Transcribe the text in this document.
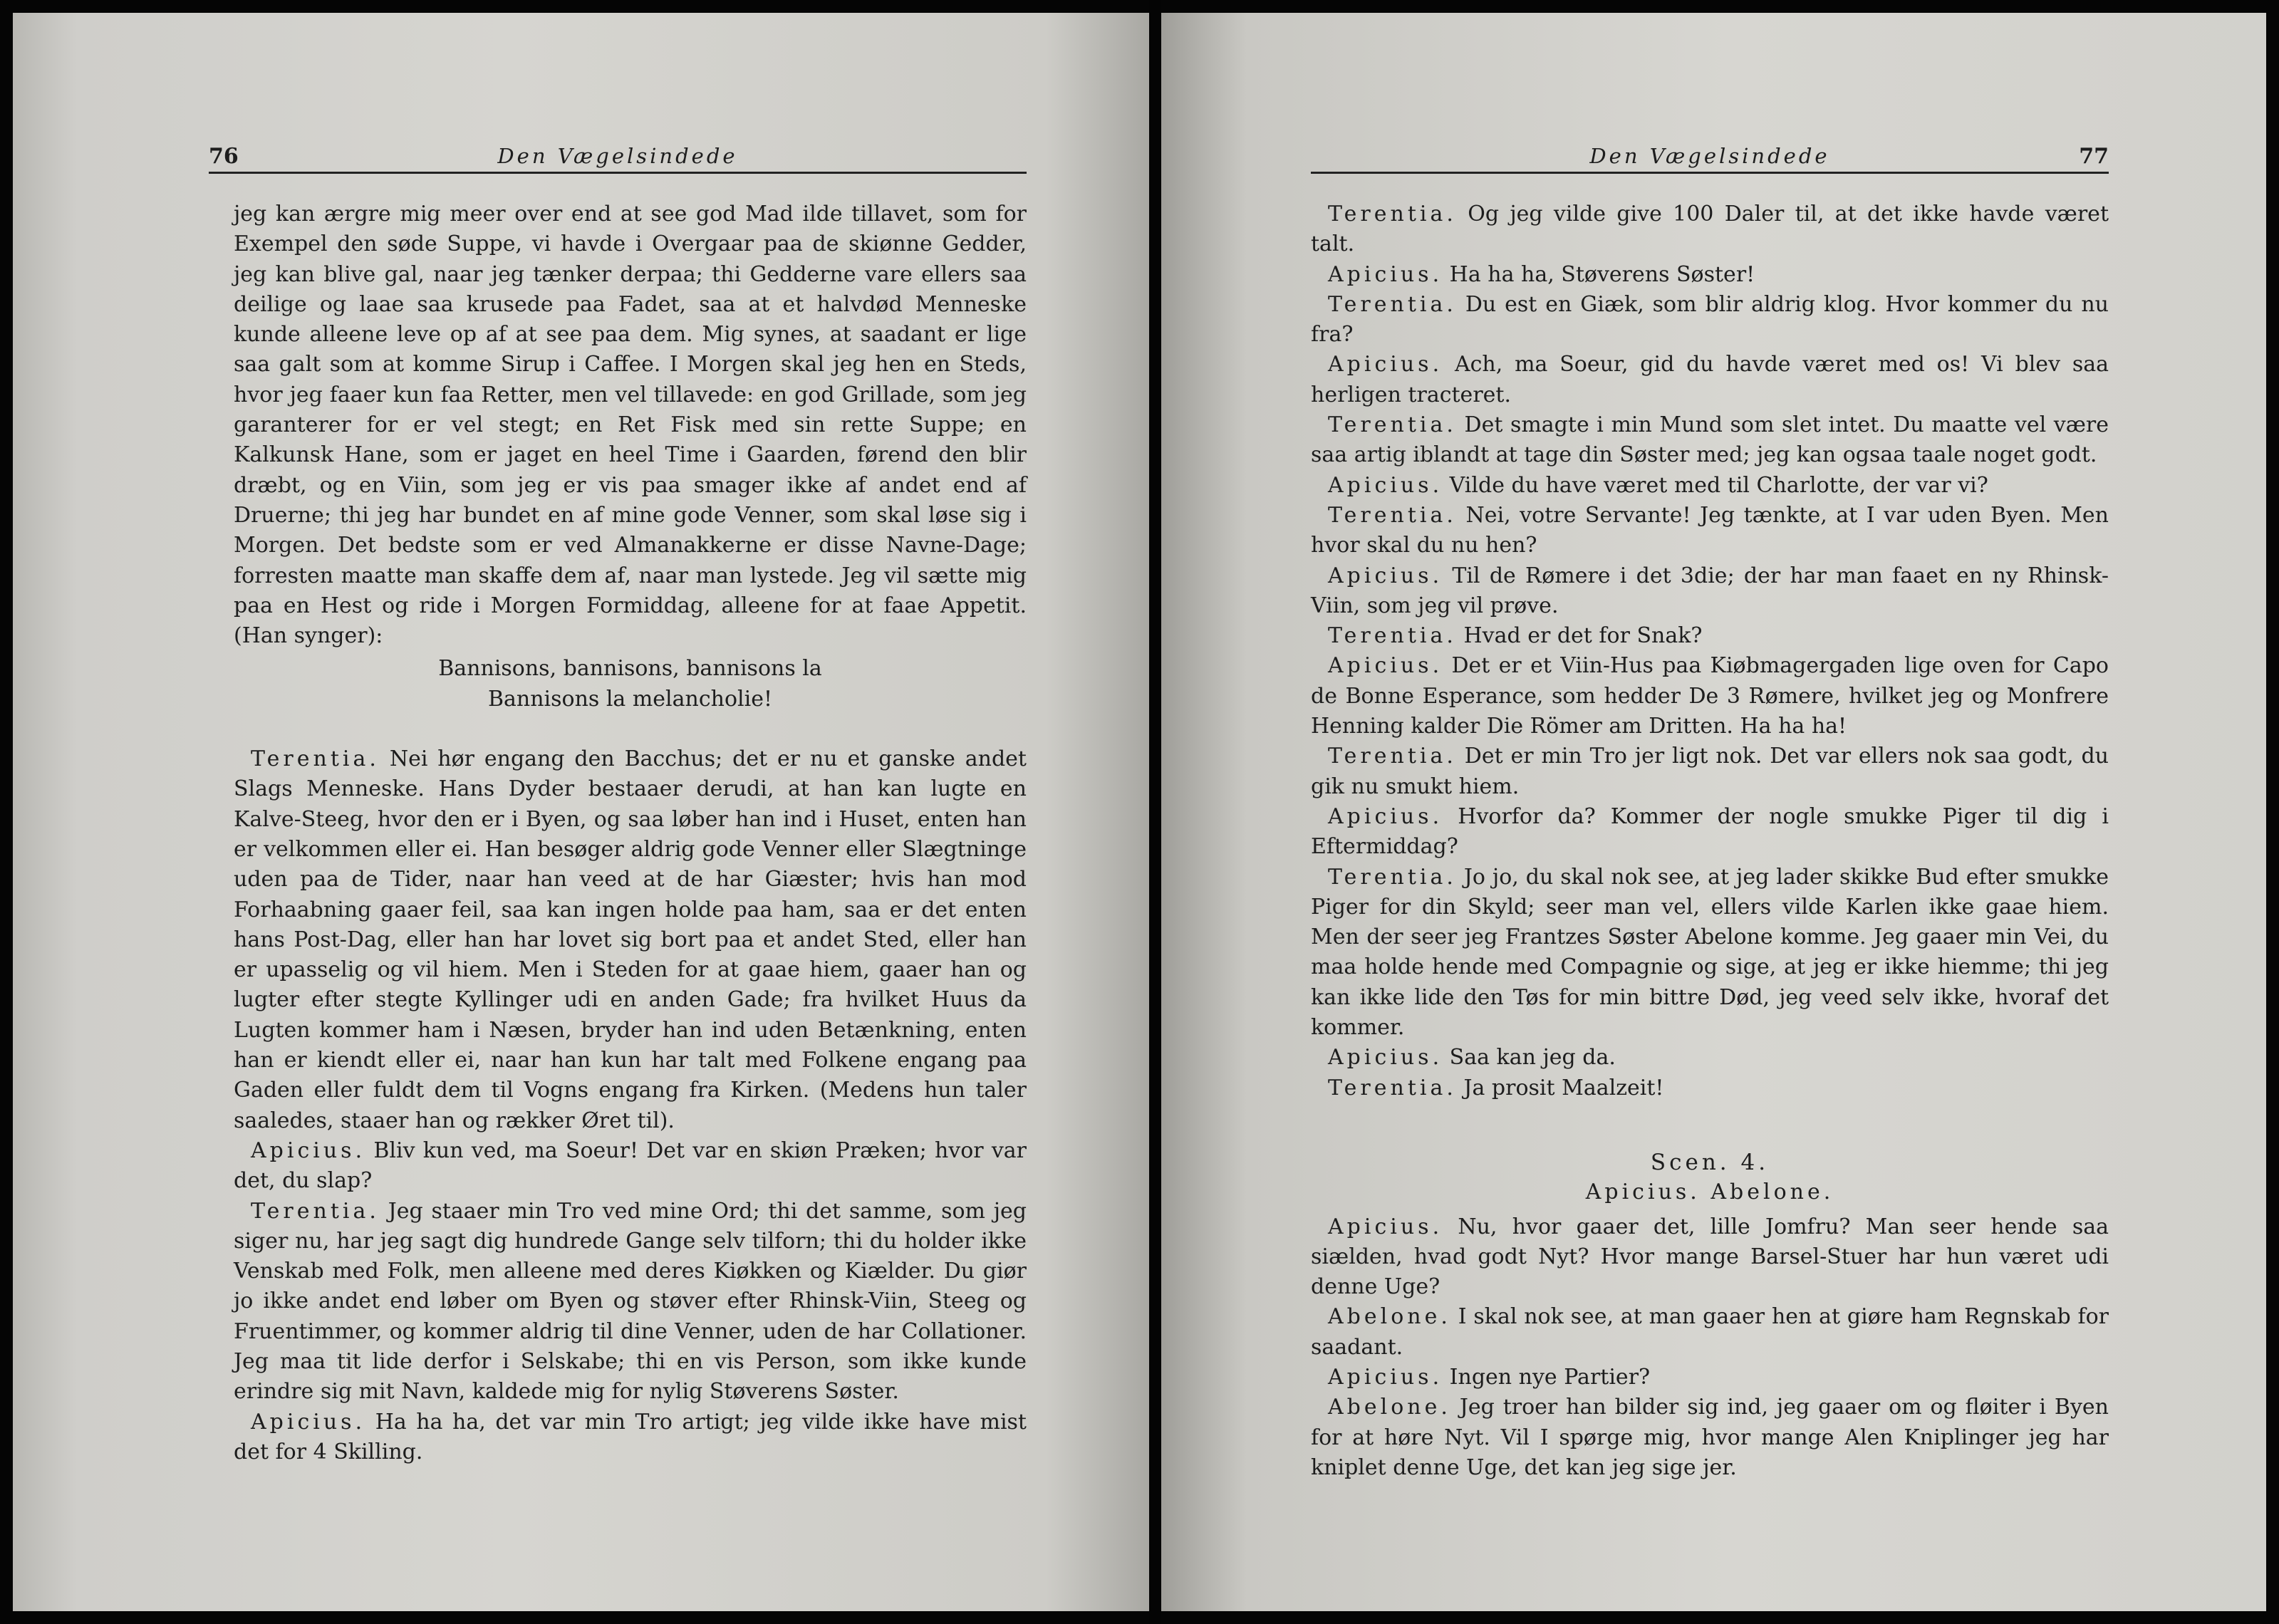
76	Den Vægelsindede

jeg kan ærgre mig meer over end at see god Mad ilde tillavet, som for Exempel den søde Suppe, vi havde i Overgaar paa de skiønne Gedder, jeg kan blive gal, naar jeg tænker derpaa; thi Gedderne vare ellers saa deilige og laae saa krusede paa Fadet, saa at et halvdød Menneske kunde alleene leve op af at see paa dem. Mig synes, at saadant er lige saa galt som at komme Sirup i Caffee. I Morgen skal jeg hen en Steds, hvor jeg faaer kun faa Retter, men vel tillavede: en god Grillade, som jeg garanterer for er vel stegt; en Ret Fisk med sin rette Suppe; en Kalkunsk Hane, som er jaget en heel Time i Gaarden, førend den blir dræbt, og en Viin, som jeg er vis paa smager ikke af andet end af Druerne; thi jeg har bundet en af mine gode Venner, som skal løse sig i Morgen. Det bedste som er ved Almanakkerne er disse Navne-Dage; forresten maatte man skaffe dem af, naar man lystede. Jeg vil sætte mig paa en Hest og ride i Morgen Formiddag, alleene for at faae Appetit. (Han synger):

Bannisons, bannisons, bannisons la
Bannisons la melancholie!

Terentia. Nei hør engang den Bacchus; det er nu et ganske andet Slags Menneske. Hans Dyder bestaaer derudi, at han kan lugte en Kalve-Steeg, hvor den er i Byen, og saa løber han ind i Huset, enten han er velkommen eller ei. Han besøger aldrig gode Venner eller Slægtninge uden paa de Tider, naar han veed at de har Giæster; hvis han mod Forhaabning gaaer feil, saa kan ingen holde paa ham, saa er det enten hans Post-Dag, eller han har lovet sig bort paa et andet Sted, eller han er upasselig og vil hiem. Men i Steden for at gaae hiem, gaaer han og lugter efter stegte Kyllinger udi en anden Gade; fra hvilket Huus da Lugten kommer ham i Næsen, bryder han ind uden Betænkning, enten han er kiendt eller ei, naar han kun har talt med Folkene engang paa Gaden eller fuldt dem til Vogns engang fra Kirken. (Medens hun taler saaledes, staaer han og rækker Øret til).

Apicius. Bliv kun ved, ma Soeur! Det var en skiøn Præken; hvor var det, du slap?

Terentia. Jeg staaer min Tro ved mine Ord; thi det samme, som jeg siger nu, har jeg sagt dig hundrede Gange selv tilforn; thi du holder ikke Venskab med Folk, men alleene med deres Kiøkken og Kiælder. Du giør jo ikke andet end løber om Byen og støver efter Rhinsk-Viin, Steeg og Fruentimmer, og kommer aldrig til dine Venner, uden de har Collationer. Jeg maa tit lide derfor i Selskabe; thi en vis Person, som ikke kunde erindre sig mit Navn, kaldede mig for nylig Støverens Søster.

Apicius. Ha ha ha, det var min Tro artigt; jeg vilde ikke have mist det for 4 Skilling.

Den Vægelsindede	77

Terentia. Og jeg vilde give 100 Daler til, at det ikke havde været talt.

Apicius. Ha ha ha, Støverens Søster!

Terentia. Du est en Giæk, som blir aldrig klog. Hvor kommer du nu fra?

Apicius. Ach, ma Soeur, gid du havde været med os! Vi blev saa herligen tracteret.

Terentia. Det smagte i min Mund som slet intet. Du maatte vel være saa artig iblandt at tage din Søster med; jeg kan ogsaa taale noget godt.

Apicius. Vilde du have været med til Charlotte, der var vi?

Terentia. Nei, votre Servante! Jeg tænkte, at I var uden Byen. Men hvor skal du nu hen?

Apicius. Til de Rømere i det 3die; der har man faaet en ny Rhinsk-Viin, som jeg vil prøve.

Terentia. Hvad er det for Snak?

Apicius. Det er et Viin-Hus paa Kiøbmagergaden lige oven for Capo de Bonne Esperance, som hedder De 3 Rømere, hvilket jeg og Monfrere Henning kalder Die Römer am Dritten. Ha ha ha!

Terentia. Det er min Tro jer ligt nok. Det var ellers nok saa godt, du gik nu smukt hiem.

Apicius. Hvorfor da? Kommer der nogle smukke Piger til dig i Eftermiddag?

Terentia. Jo jo, du skal nok see, at jeg lader skikke Bud efter smukke Piger for din Skyld; seer man vel, ellers vilde Karlen ikke gaae hiem. Men der seer jeg Frantzes Søster Abelone komme. Jeg gaaer min Vei, du maa holde hende med Compagnie og sige, at jeg er ikke hiemme; thi jeg kan ikke lide den Tøs for min bittre Død, jeg veed selv ikke, hvoraf det kommer.

Apicius. Saa kan jeg da.

Terentia. Ja prosit Maalzeit!

Scen. 4.
Apicius. Abelone.

Apicius. Nu, hvor gaaer det, lille Jomfru? Man seer hende saa siælden, hvad godt Nyt? Hvor mange Barsel-Stuer har hun været udi denne Uge?

Abelone. I skal nok see, at man gaaer hen at giøre ham Regnskab for saadant.

Apicius. Ingen nye Partier?

Abelone. Jeg troer han bilder sig ind, jeg gaaer om og fløiter i Byen for at høre Nyt. Vil I spørge mig, hvor mange Alen Kniplinger jeg har kniplet denne Uge, det kan jeg sige jer.
